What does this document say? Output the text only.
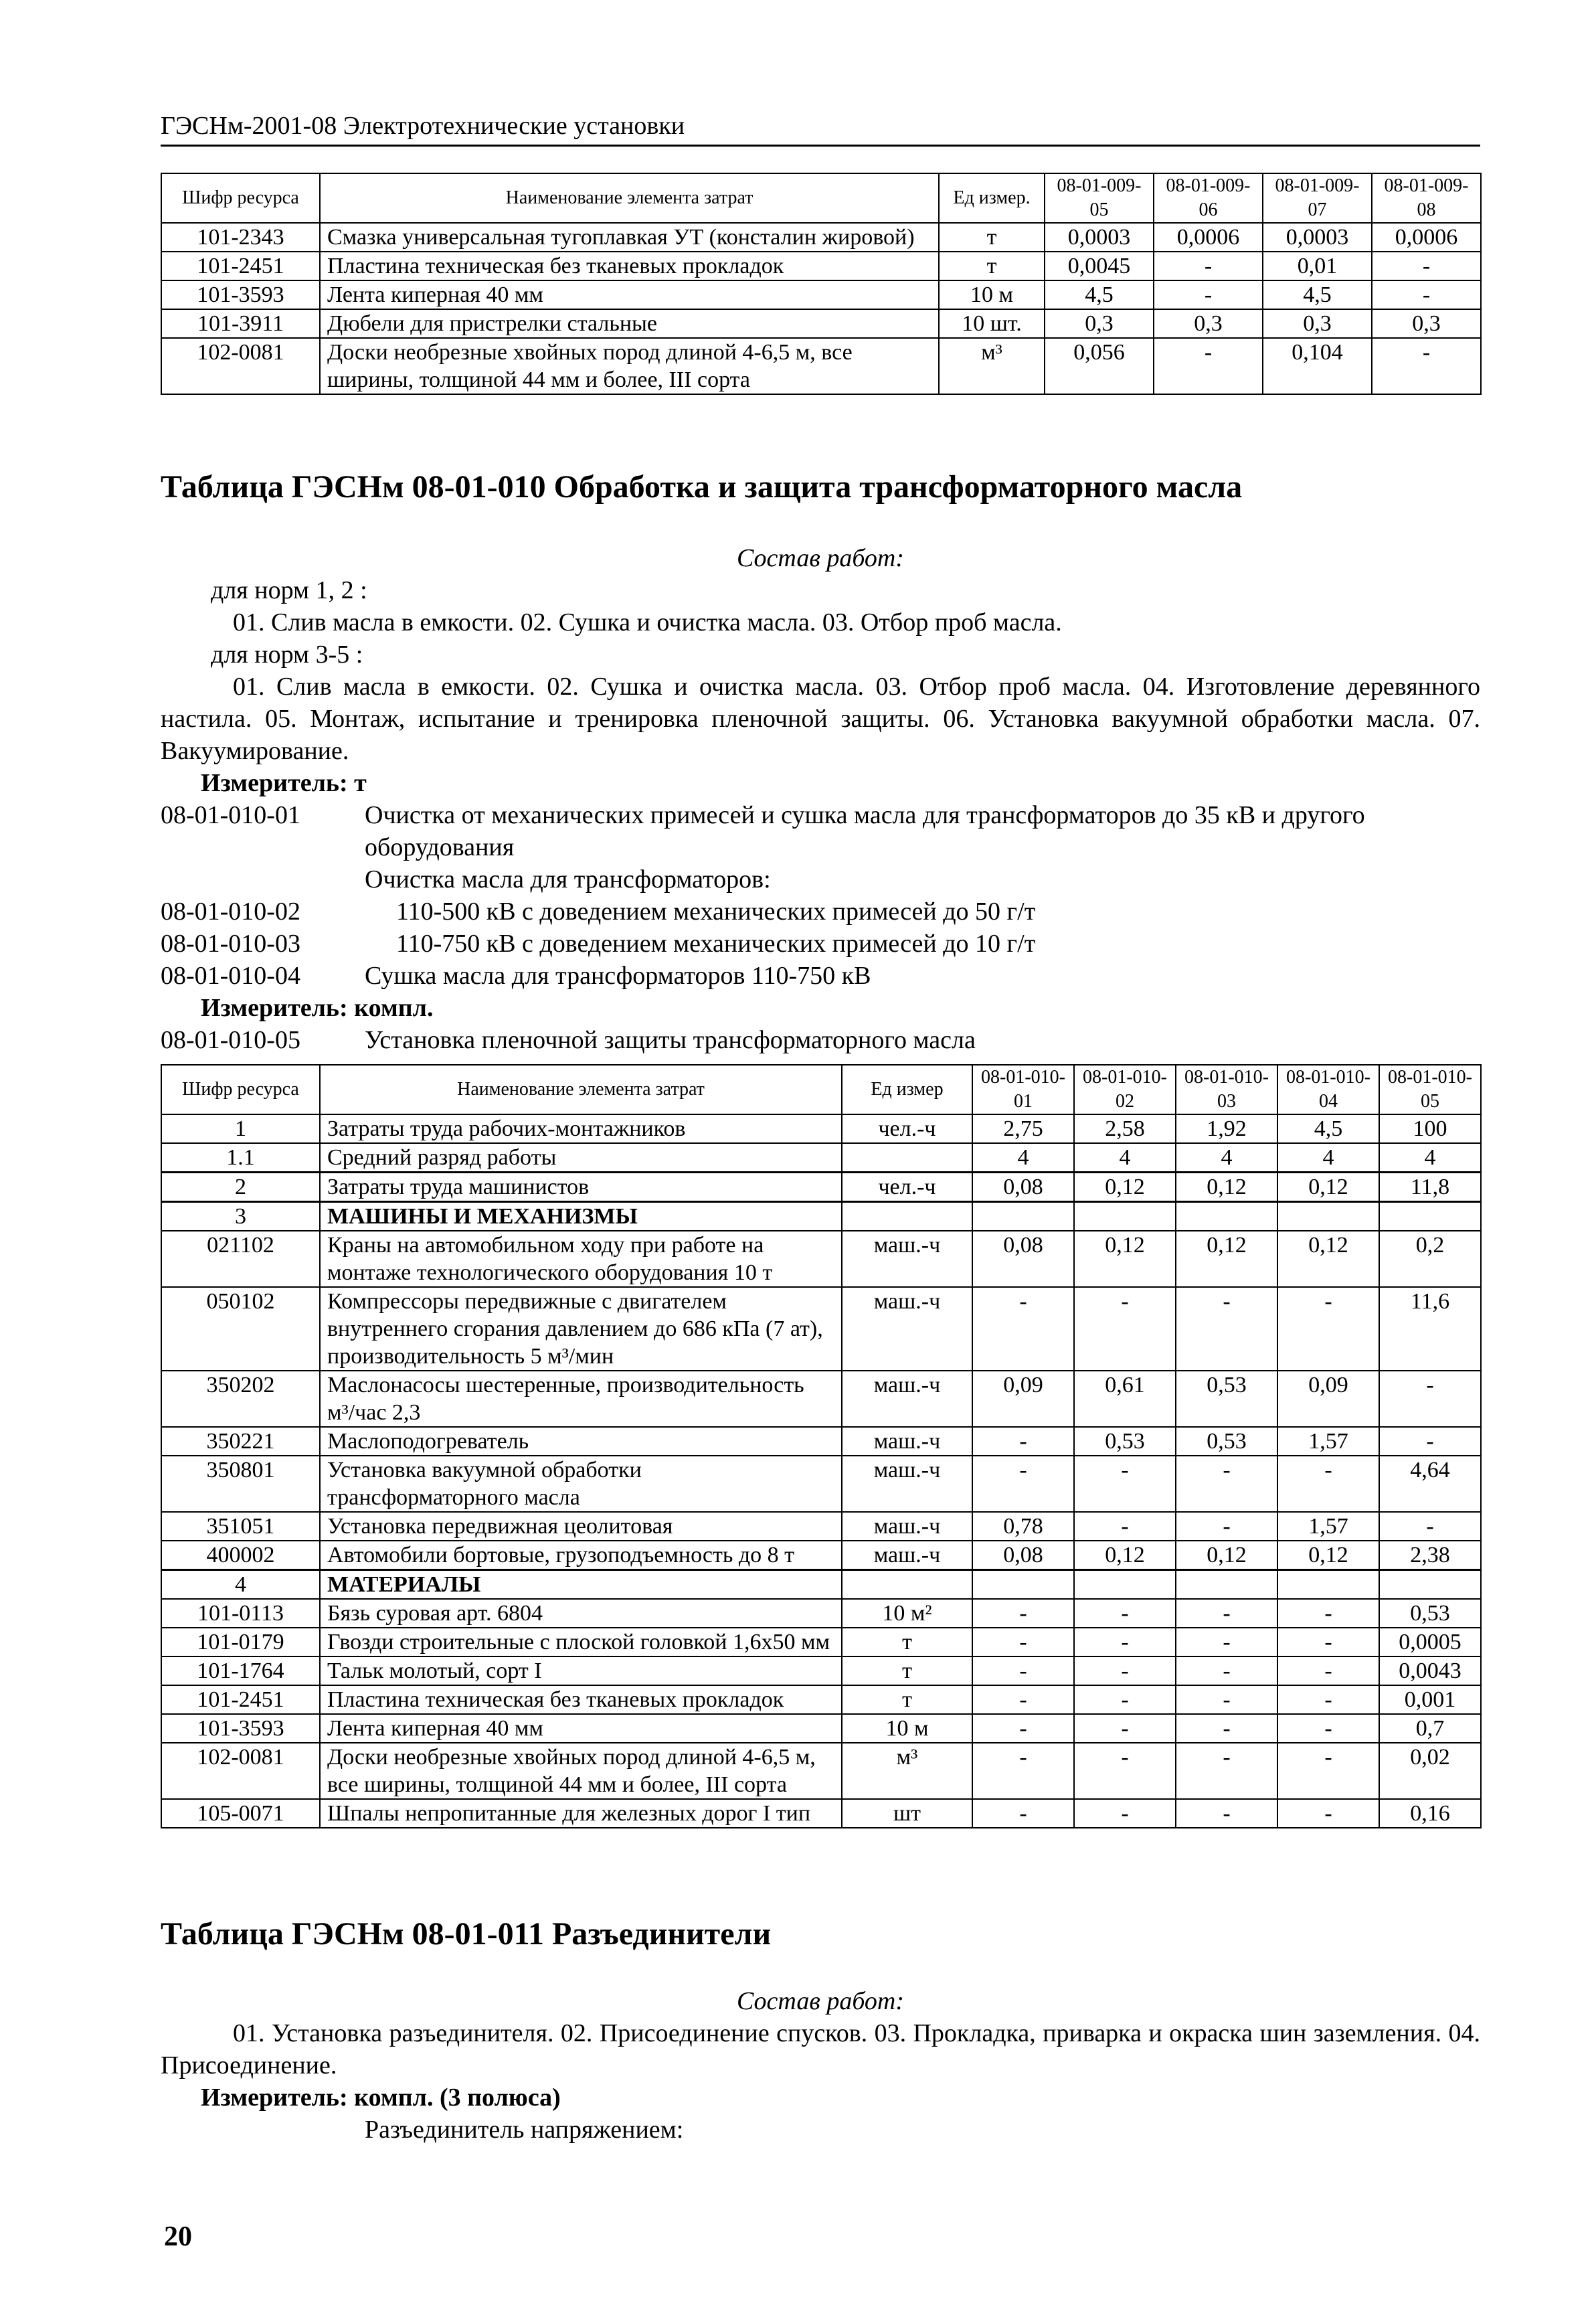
ГЭСНм-2001-08 Электротехнические установки
Шифр ресурса	Наименование элемента затрат	Ед измер.	08-01-009-05	08-01-009-06	08-01-009-07	08-01-009-08
101-2343	Смазка универсальная тугоплавкая УТ (консталин жировой)	т	0,0003	0,0006	0,0003	0,0006
101-2451	Пластина техническая без тканевых прокладок	т	0,0045	-	0,01	-
101-3593	Лента киперная 40 мм	10 м	4,5	-	4,5	-
101-3911	Дюбели для пристрелки стальные	10 шт.	0,3	0,3	0,3	0,3
102-0081	Доски необрезные хвойных пород длиной 4-6,5 м, все ширины, толщиной 44 мм и более, III сорта	м³	0,056	-	0,104	-
Таблица ГЭСНм 08-01-010 Обработка и защита трансформаторного масла
Состав работ:
для норм 1, 2 :
01. Слив масла в емкости. 02. Сушка и очистка масла. 03. Отбор проб масла.
для норм 3-5 :
01. Слив масла в емкости. 02. Сушка и очистка масла. 03. Отбор проб масла. 04. Изготовление деревянного настила. 05. Монтаж, испытание и тренировка пленочной защиты. 06. Установка вакуумной обработки масла. 07. Вакуумирование.
Измеритель: т
08-01-010-01	Очистка от механических примесей и сушка масла для трансформаторов до 35 кВ и другого оборудования
Очистка масла для трансформаторов:
08-01-010-02	110-500 кВ с доведением механических примесей до 50 г/т
08-01-010-03	110-750 кВ с доведением механических примесей до 10 г/т
08-01-010-04	Сушка масла для трансформаторов 110-750 кВ
Измеритель: компл.
08-01-010-05	Установка пленочной защиты трансформаторного масла
Шифр ресурса	Наименование элемента затрат	Ед измер	08-01-010-01	08-01-010-02	08-01-010-03	08-01-010-04	08-01-010-05
1	Затраты труда рабочих-монтажников	чел.-ч	2,75	2,58	1,92	4,5	100
1.1	Средний разряд работы		4	4	4	4	4
2	Затраты труда машинистов	чел.-ч	0,08	0,12	0,12	0,12	11,8
3	МАШИНЫ И МЕХАНИЗМЫ						
021102	Краны на автомобильном ходу при работе на монтаже технологического оборудования 10 т	маш.-ч	0,08	0,12	0,12	0,12	0,2
050102	Компрессоры передвижные с двигателем внутреннего сгорания давлением до 686 кПа (7 ат), производительность 5 м³/мин	маш.-ч	-	-	-	-	11,6
350202	Маслонасосы шестеренные, производительность м³/час 2,3	маш.-ч	0,09	0,61	0,53	0,09	-
350221	Маслоподогреватель	маш.-ч	-	0,53	0,53	1,57	-
350801	Установка вакуумной обработки трансформаторного масла	маш.-ч	-	-	-	-	4,64
351051	Установка передвижная цеолитовая	маш.-ч	0,78	-	-	1,57	-
400002	Автомобили бортовые, грузоподъемность до 8 т	маш.-ч	0,08	0,12	0,12	0,12	2,38
4	МАТЕРИАЛЫ						
101-0113	Бязь суровая арт. 6804	10 м²	-	-	-	-	0,53
101-0179	Гвозди строительные с плоской головкой 1,6х50 мм	т	-	-	-	-	0,0005
101-1764	Тальк молотый, сорт I	т	-	-	-	-	0,0043
101-2451	Пластина техническая без тканевых прокладок	т	-	-	-	-	0,001
101-3593	Лента киперная 40 мм	10 м	-	-	-	-	0,7
102-0081	Доски необрезные хвойных пород длиной 4-6,5 м, все ширины, толщиной 44 мм и более, III сорта	м³	-	-	-	-	0,02
105-0071	Шпалы непропитанные для железных дорог I тип	шт	-	-	-	-	0,16
Таблица ГЭСНм 08-01-011 Разъединители
Состав работ:
01. Установка разъединителя. 02. Присоединение спусков. 03. Прокладка, приварка и окраска шин заземления. 04. Присоединение.
Измеритель: компл. (3 полюса)
Разъединитель напряжением:
20
